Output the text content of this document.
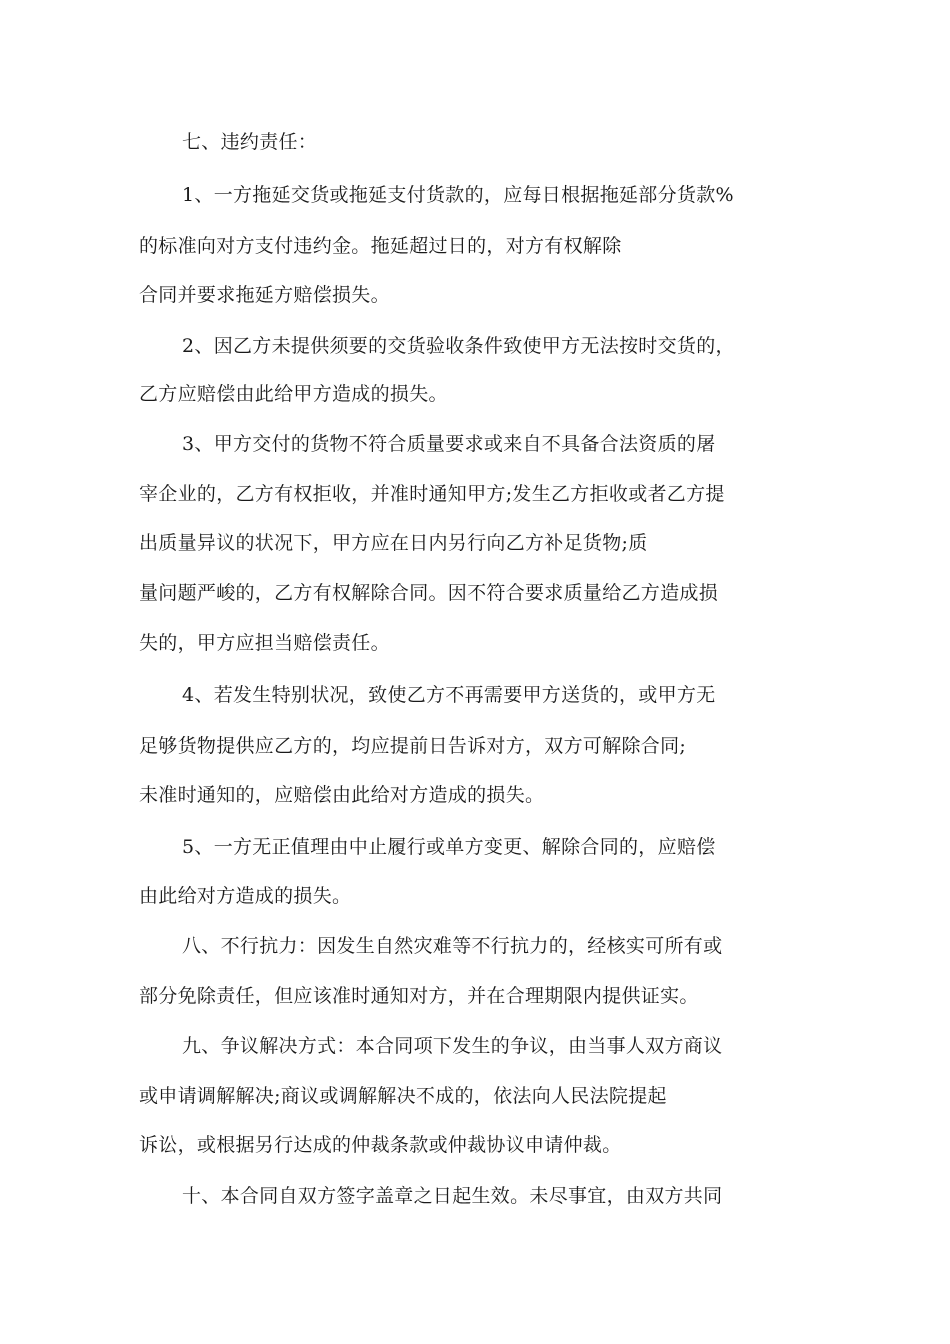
七、违约责任：
1、一方拖延交货或拖延支付货款的，应每日根据拖延部分货款%
的标准向对方支付违约金。拖延超过日的，对方有权解除
合同并要求拖延方赔偿损失。
2、因乙方未提供须要的交货验收条件致使甲方无法按时交货的，
乙方应赔偿由此给甲方造成的损失。
3、甲方交付的货物不符合质量要求或来自不具备合法资质的屠
宰企业的，乙方有权拒收，并准时通知甲方;发生乙方拒收或者乙方提
出质量异议的状况下，甲方应在日内另行向乙方补足货物;质
量问题严峻的，乙方有权解除合同。因不符合要求质量给乙方造成损
失的，甲方应担当赔偿责任。
4、若发生特别状况，致使乙方不再需要甲方送货的，或甲方无
足够货物提供应乙方的，均应提前日告诉对方，双方可解除合同;
未准时通知的，应赔偿由此给对方造成的损失。
5、一方无正值理由中止履行或单方变更、解除合同的，应赔偿
由此给对方造成的损失。
八、不行抗力：因发生自然灾难等不行抗力的，经核实可所有或
部分免除责任，但应该准时通知对方，并在合理期限内提供证实。
九、争议解决方式：本合同项下发生的争议，由当事人双方商议
或申请调解解决;商议或调解解决不成的，依法向人民法院提起
诉讼，或根据另行达成的仲裁条款或仲裁协议申请仲裁。
十、本合同自双方签字盖章之日起生效。未尽事宜，由双方共同
